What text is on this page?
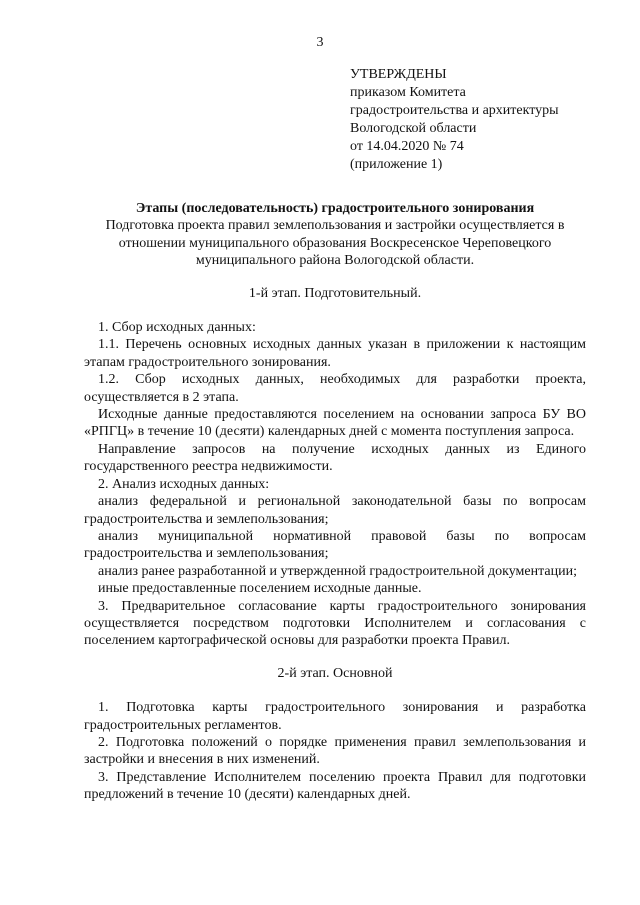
3
УТВЕРЖДЕНЫ
приказом Комитета
градостроительства и архитектуры
Вологодской области
от 14.04.2020 № 74
(приложение 1)

Этапы (последовательность) градостроительного зонирования

Подготовка проекта правил землепользования и застройки осуществляется в отношении муниципального образования Воскресенское Череповецкого муниципального района Вологодской области.

1-й этап. Подготовительный.

1. Сбор исходных данных:

1.1. Перечень основных исходных данных указан в приложении к настоящим этапам градостроительного зонирования.

1.2. Сбор исходных данных, необходимых для разработки проекта, осуществляется в 2 этапа.

Исходные данные предоставляются поселением на основании запроса БУ ВО «РПГЦ» в течение 10 (десяти) календарных дней с момента поступления запроса.

Направление запросов на получение исходных данных из Единого государственного реестра недвижимости.

2. Анализ исходных данных:

анализ федеральной и региональной законодательной базы по вопросам градостроительства и землепользования;

анализ муниципальной нормативной правовой базы по вопросам градостроительства и землепользования;

анализ ранее разработанной и утвержденной градостроительной документации;

иные предоставленные поселением исходные данные.

3. Предварительное согласование карты градостроительного зонирования осуществляется посредством подготовки Исполнителем и согласования с поселением картографической основы для разработки проекта Правил.

2-й этап. Основной

1. Подготовка карты градостроительного зонирования и разработка градостроительных регламентов.

2. Подготовка положений о порядке применения правил землепользования и застройки и внесения в них изменений.

3. Представление Исполнителем поселению проекта Правил для подготовки предложений в течение 10 (десяти) календарных дней.
